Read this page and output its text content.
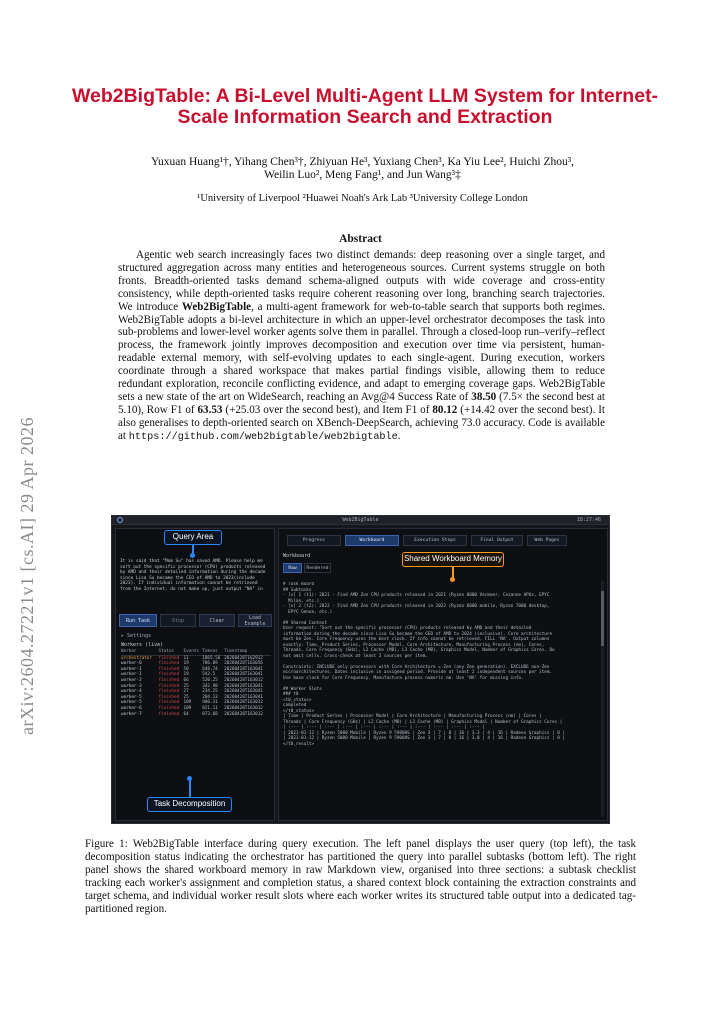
arXiv:2604.27221v1 [cs.AI] 29 Apr 2026
Web2BigTable: A Bi-Level Multi-Agent LLM System for Internet-Scale Information Search and Extraction
Yuxuan Huang¹†, Yihang Chen³†, Zhiyuan He³, Yuxiang Chen³, Ka Yiu Lee², Huichi Zhou³,
Weilin Luo², Meng Fang¹, and Jun Wang³‡
¹University of Liverpool ²Huawei Noah's Ark Lab ³University College London
Abstract

Agentic web search increasingly faces two distinct demands: deep reasoning over a single target, and structured aggregation across many entities and heterogeneous sources. Current systems struggle on both fronts. Breadth-oriented tasks demand schema-aligned outputs with wide coverage and cross-entity consistency, while depth-oriented tasks require coherent reasoning over long, branching search trajectories. We introduce Web2BigTable, a multi-agent framework for web-to-table search that supports both regimes. Web2BigTable adopts a bi-level architecture in which an upper-level orchestrator decomposes the task into sub-problems and lower-level worker agents solve them in parallel. Through a closed-loop run–verify–reflect process, the framework jointly improves decomposition and execution over time via persistent, human-readable external memory, with self-evolving updates to each single-agent. During execution, workers coordinate through a shared workspace that makes partial findings visible, allowing them to reduce redundant exploration, reconcile conflicting evidence, and adapt to emerging coverage gaps. Web2BigTable sets a new state of the art on WideSearch, reaching an Avg@4 Success Rate of 38.50 (7.5× the second best at 5.10), Row F1 of 63.53 (+25.03 over the second best), and Item F1 of 80.12 (+14.42 over the second best). It also generalises to depth-oriented search on XBench-DeepSearch, achieving 73.0 accuracy. Code is available at https://github.com/web2bigtable/web2bigtable.

Web2BigTable	18:27:46
It is said that "Mom Su" has saved AMD. Please help me sort out the specific processor (CPU) products released by AMD and their detailed information during the decade since Lisa Su became the CEO of AMD to 2023(include 2023). If individual information cannot be retrieved from the Internet, do not make up, just output "NA" in
Run Task	Stop	Clear	Load Example
▸ Settings
Workers (live)
Worker	Status	Events	Tokens	Timestamp
orchestrator	finished	11	1865.56	20260428T162912
worker-0	finished	19	786.09	20260428T163056
worker-1	finished	50	648.74	20260428T163041
worker-1	finished	19	542.5	20260428T163041
worker-2	finished	66	520.25	20260428T163012
worker-3	finished	25	342.98	20260428T163041
worker-4	finished	27	234.25	20260428T163041
worker-5	finished	25	204.13	20260428T163041
worker-5	finished	109	906.31	20260428T163012
worker-6	finished	109	821.11	20260428T163012
worker-7	finished	64	873.68	20260428T163012
Query Area
Task Decomposition
Progress	Workboard	Execution Steps	Final Output	Web Pages
Workboard
Raw	Rendered
# Task Board
## Subtasks
- [x] 1 (t1): 2021 - Find AMD Zen CPU products released in 2021 (Ryzen 8000 Vermeer, Cezanne APUs, EPYC
Milan, etc.)
- [x] 2 (t2): 2022 - Find AMD Zen CPU products released in 2022 (Ryzen 6000 mobile, Ryzen 7000 desktop,
EPYC Genoa, etc.)

## Shared Context
User request: "Sort out the specific processor (CPU) products released by AMD and their detailed
information during the decade since Lisa Su became the CEO of AMD to 2024 (inclusive). Core architecture
must be Zen. Core Frequency uses the best clock. If info cannot be retrieved, FILL 'NA'. Output columns
exactly: Time, Product Series, Processor Model, Core Architecture, Manufacturing Process (nm), Cores,
Threads, Core Frequency (GHz), L2 Cache (MB), L3 Cache (MB), Graphics Model, Number of Graphics Cores. Do
not omit cells. Cross-check at least 2 sources per item.

Constraints: INCLUDE only processors with Core Architecture = Zen (any Zen generation). EXCLUDE non-Zen
microarchitectures. Dates inclusive in assigned period. Provide at least 2 independent sources per item.
Use base clock for Core Frequency. Manufacture process numeric nm. Use 'NA' for missing info.

## Worker Slots
### t0
<t0_status>
completed
</t0_status>
| Time | Product Series | Processor Model | Core Architecture | Manufacturing Process (nm) | Cores |
Threads | Core Frequency (GHz) | L2 Cache (MB) | L3 Cache (MB) | Graphics Model | Number of Graphics Cores |
| :--- | :--- | :--- | :--- | :--- | :--- | :--- | :--- | :--- | :--- | :--- |
| 2021-01-12 | Ryzen 5000 Mobile | Ryzen 9 5980HS | Zen 3 | 7 | 8 | 16 | 3.3 | 4 | 16 | Radeon Graphics | 8 |
| 2021-01-12 | Ryzen 5000 Mobile | Ryzen 9 5900HS | Zen 3 | 7 | 8 | 16 | 3.0 | 4 | 16 | Radeon Graphics | 8 |
</t0_result>
Shared Workboard Memory
Figure 1: Web2BigTable interface during query execution. The left panel displays the user query (top left), the task decomposition status indicating the orchestrator has partitioned the query into parallel subtasks (bottom left). The right panel shows the shared workboard memory in raw Markdown view, organised into three sections: a subtask checklist tracking each worker's assignment and completion status, a shared context block containing the extraction constraints and target schema, and individual worker result slots where each worker writes its structured table output into a dedicated tag-partitioned region.
